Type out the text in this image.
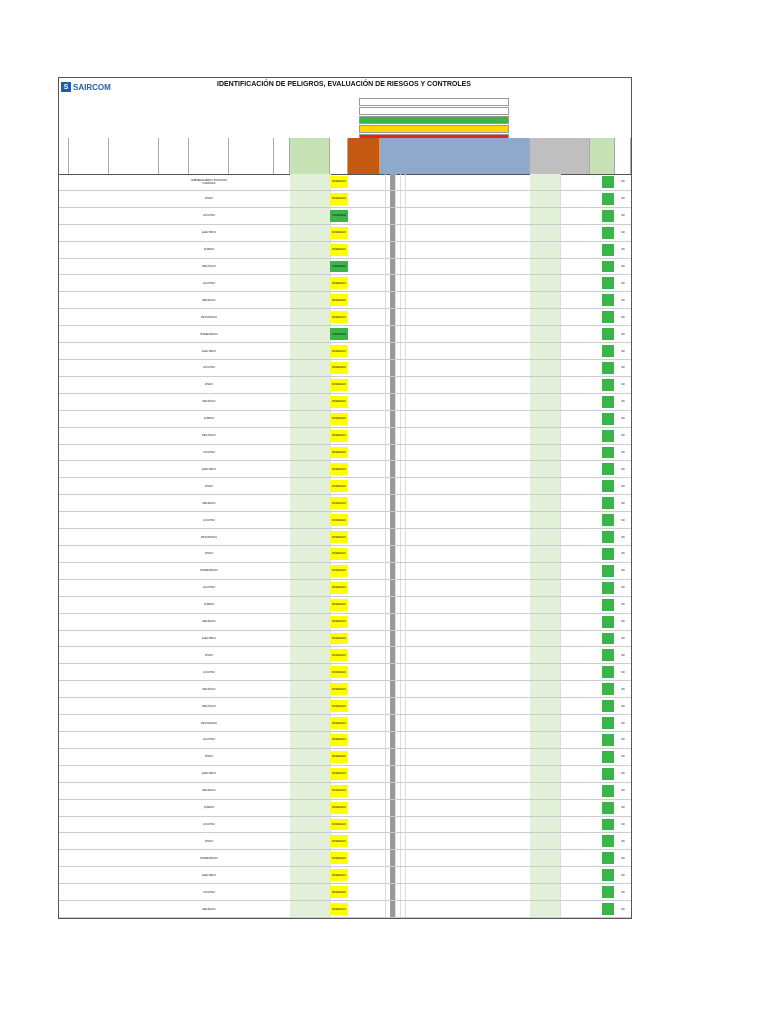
S SAIRCOM	IDENTIFICACIÓN DE PELIGROS, EVALUACIÓN DE RIESGOS Y CONTROLES
SOBREESFUERZO, POSTURAS FORZADAS	MODERADO	NO
FÍSICO	MODERADO	NO
LOCATIVO	TOLERABLE	NO
ELÉCTRICO	MODERADO	NO
QUÍMICO	MODERADO	NO
BIOLÓGICO	TOLERABLE	NO
LOCATIVO	MODERADO	NO
MECÁNICO	MODERADO	NO
PSICOSOCIAL	MODERADO	NO
BIOMECÁNICO	TOLERABLE	NO
ELÉCTRICO	MODERADO	NO
LOCATIVO	MODERADO	NO
FÍSICO	MODERADO	NO
MECÁNICO	MODERADO	NO
QUÍMICO	MODERADO	NO
BIOLÓGICO	MODERADO	NO
LOCATIVO	MODERADO	NO
ELÉCTRICO	MODERADO	NO
FÍSICO	MODERADO	NO
MECÁNICO	MODERADO	NO
LOCATIVO	MODERADO	NO
PSICOSOCIAL	MODERADO	NO
FÍSICO	MODERADO	NO
BIOMECÁNICO	MODERADO	NO
LOCATIVO	MODERADO	NO
QUÍMICO	MODERADO	NO
MECÁNICO	MODERADO	NO
ELÉCTRICO	MODERADO	NO
FÍSICO	MODERADO	NO
LOCATIVO	MODERADO	NO
MECÁNICO	MODERADO	NO
BIOLÓGICO	MODERADO	NO
PSICOSOCIAL	MODERADO	NO
LOCATIVO	MODERADO	NO
FÍSICO	MODERADO	NO
ELÉCTRICO	MODERADO	NO
MECÁNICO	MODERADO	NO
QUÍMICO	MODERADO	NO
LOCATIVO	MODERADO	NO
FÍSICO	MODERADO	NO
BIOMECÁNICO	MODERADO	NO
ELÉCTRICO	MODERADO	NO
LOCATIVO	MODERADO	NO
MECÁNICO	MODERADO	NO
